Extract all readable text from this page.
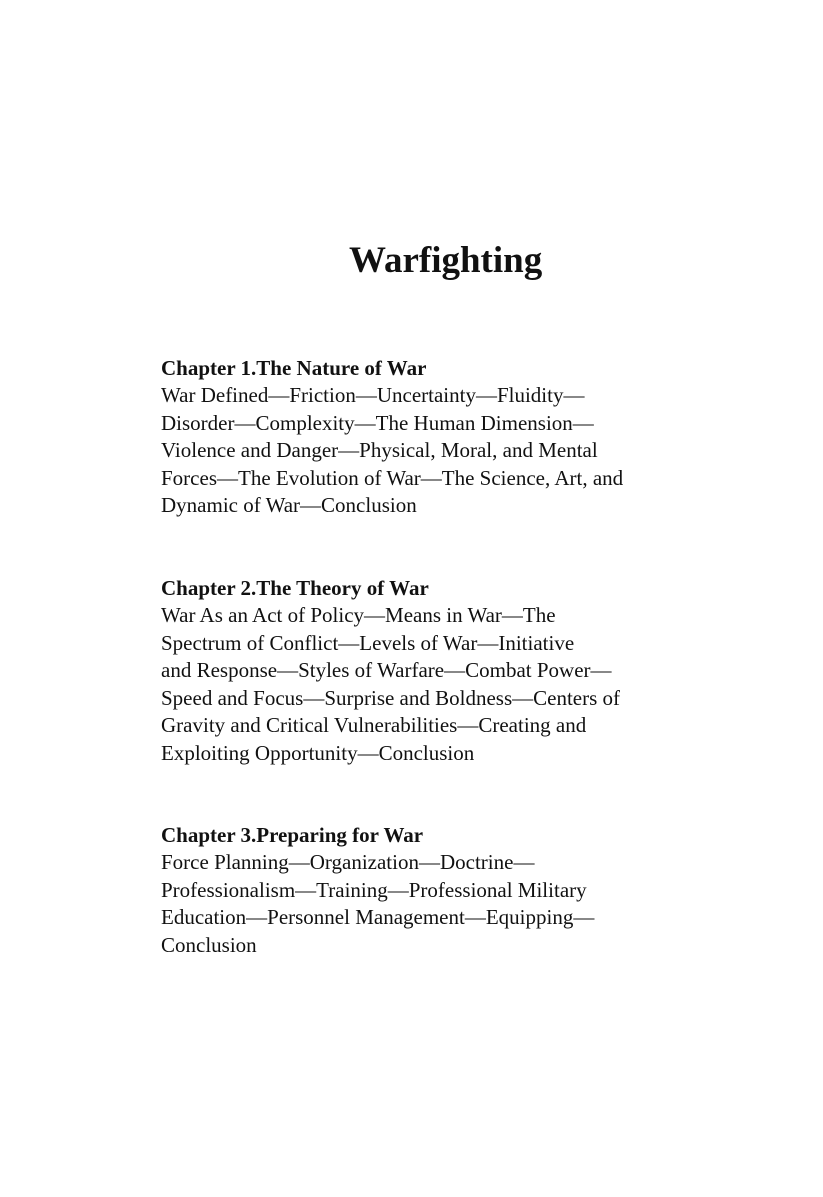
Warfighting
Chapter 1.The Nature of War
War Defined—Friction—Uncertainty—Fluidity—
Disorder—Complexity—The Human Dimension—
Violence and Danger—Physical, Moral, and Mental
Forces—The Evolution of War—The Science, Art, and
Dynamic of War—Conclusion
Chapter 2.The Theory of War
War As an Act of Policy—Means in War—The
Spectrum of Conflict—Levels of War—Initiative
and Response—Styles of Warfare—Combat Power—
Speed and Focus—Surprise and Boldness—Centers of
Gravity and Critical Vulnerabilities—Creating and
Exploiting Opportunity—Conclusion
Chapter 3.Preparing for War
Force Planning—Organization—Doctrine—
Professionalism—Training—Professional Military
Education—Personnel Management—Equipping—
Conclusion
